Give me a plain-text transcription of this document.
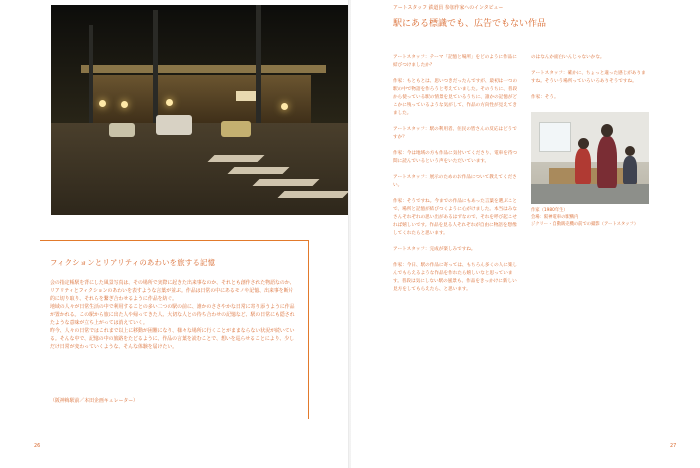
フィクションとリアリティのあわいを旅する記憶

会の指定帳駅を背にした風景写真は、その場所で実際に起きた出来事なのか、それとも創作された物語なのか、リアリティとフィクションのあわいを表すような言葉が並ぶ。作品は日常の中にあるモノや記憶、出来事を断片的に切り取り、それらを繋ぎ合わせるように作品を紡ぐ。

地域の人々が日常生活の中で利用することの多い二つの駅の前に、誰かのささやかな日常に寄り添うように作品が置かれる。この駅から旅に出た人や帰ってきた人、大切な人との待ち合わせの記憶など、駅の日常にも隠されたような意味が立ち上がっては消えていく。

昨今、人々の日常ではこれまで以上に移動が困難になり、様々な場所に行くことがままならない状況が続いている。そんな中で、記憶の中の旅路をたどるように、作品の言葉を読むことで、想いを巡らせることにより、少しだけ日常が変わっていくような、そんな体験を届けたい。

（阪神梅駅前／本田企画キュレーター）
26
アートスタッフ 鉄道員 参加作家へのインタビュー
駅にある標識でも、広告でもない作品

アートスタッフ：テーマ「記憶と場所」をどのように作品に結びつけましたか？

作家：もともとは、思いつきだったんですが、最初は一つの駅の中で物語を作ろうと考えていました。そのうちに、普段から使っている駅の情景を見ているうちに、誰かの記憶がどこかに残っているような気がして、作品の方向性が見えてきました。

アートスタッフ：駅の利用者、住民の皆さんの反応はどうですか？

作家：今は地域の方も作品に気付いてくださり、電車を待つ間に読んでいるという声をいただいています。

アートスタッフ：展示のためのお作品について教えてください。

作家：そうですね。今までの作品にもあった言葉を選ぶことで、場所と記憶が結びつくように心がけました。本当はみなさんそれぞれの思い出があるはずなので、それを呼び起こせれば嬉しいです。作品を見る人それぞれが自由に物語を想像してくれたらと思います。

アートスタッフ：完成が楽しみですね。

作家：今日、駅の作品に寄っては、もちろん多くの人に楽しんでもらえるような作品を作れたら嬉しいなと思っています。普段は気にしない駅の風景も、作品をきっかけに新しい見方をしてもらえたら、と思います。

のはなんか面白いんじゃないかな。

アートスタッフ：確かに、ちょっと違った感じがありますね。そういう場所っていろいろありそうですね。

作家：そう。

作家（1980年生）

会場：阪神電車の駅構内

ジクリー・自動販売機の前での撮影（アートスタッフ）

27
